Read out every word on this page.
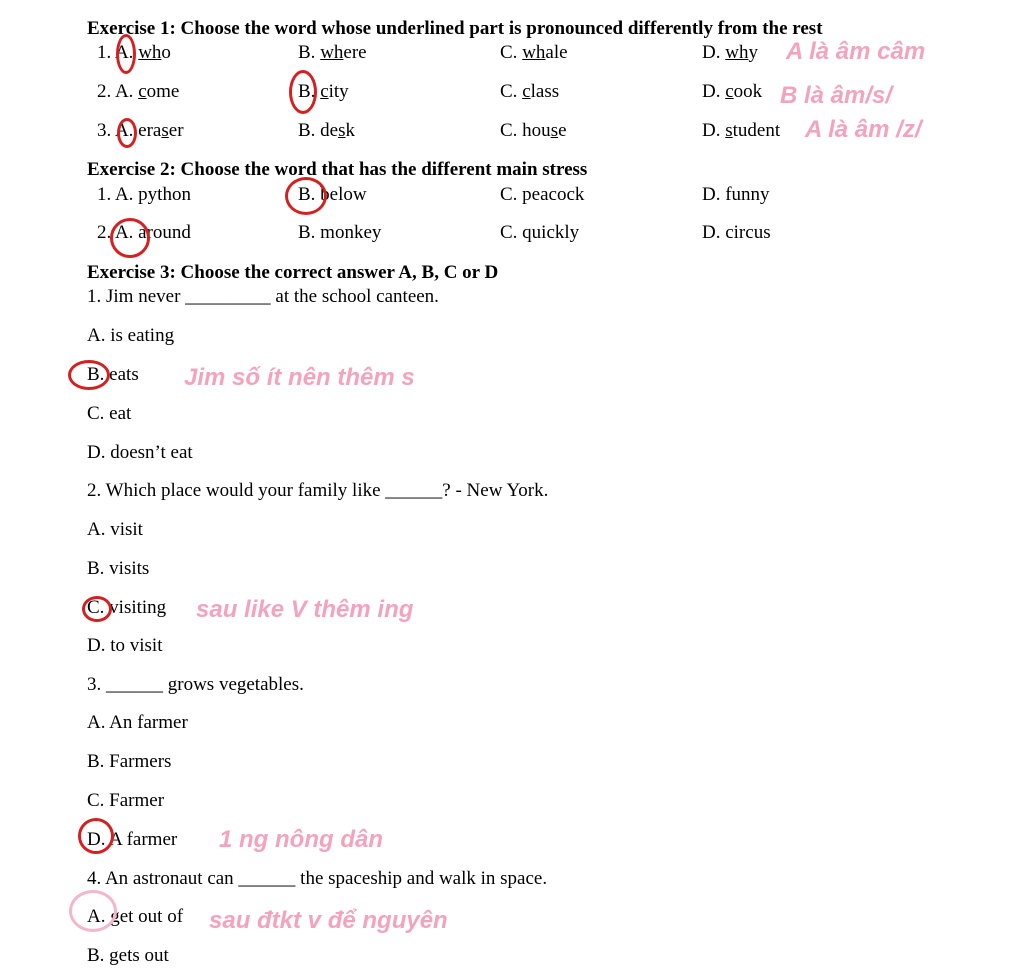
Exercise 1: Choose the word whose underlined part is pronounced differently from the rest
1. A. who	B. where	C. whale	D. why A là âm câm
2. A. come	B. city	C. class	D. cook B là âm/s/
3. A. eraser	B. desk	C. house	D. student A là âm /z/
Exercise 2: Choose the word that has the different main stress
1. A. python	B. below	C. peacock	D. funny
2. A. around	B. monkey	C. quickly	D. circus
Exercise 3: Choose the correct answer A, B, C or D
1. Jim never _________ at the school canteen.
A. is eating
B. eats Jim số ít nên thêm s
C. eat
D. doesn’t eat
2. Which place would your family like ______? - New York.
A. visit
B. visits
C. visiting sau like V thêm ing
D. to visit
3. ______ grows vegetables.
A. An farmer
B. Farmers
C. Farmer
D. A farmer 1 ng nông dân
4. An astronaut can ______ the spaceship and walk in space.
A. get out of sau đtkt v để nguyên
B. gets out
